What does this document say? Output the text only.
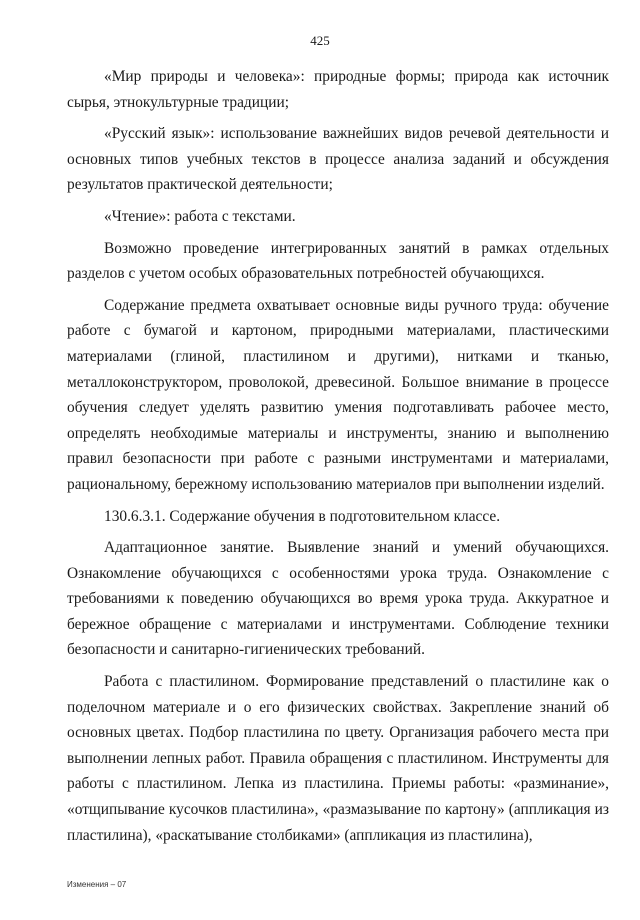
425

«Мир природы и человека»: природные формы; природа как источник сырья, этнокультурные традиции;

«Русский язык»: использование важнейших видов речевой деятельности и основных типов учебных текстов в процессе анализа заданий и обсуждения результатов практической деятельности;

«Чтение»: работа с текстами.

Возможно проведение интегрированных занятий в рамках отдельных разделов с учетом особых образовательных потребностей обучающихся.

Содержание предмета охватывает основные виды ручного труда: обучение работе с бумагой и картоном, природными материалами, пластическими материалами (глиной, пластилином и другими), нитками и тканью, металлоконструктором, проволокой, древесиной. Большое внимание в процессе обучения следует уделять развитию умения подготавливать рабочее место, определять необходимые материалы и инструменты, знанию и выполнению правил безопасности при работе с разными инструментами и материалами, рациональному, бережному использованию материалов при выполнении изделий.

130.6.3.1. Содержание обучения в подготовительном классе.

Адаптационное занятие. Выявление знаний и умений обучающихся. Ознакомление обучающихся с особенностями урока труда. Ознакомление с требованиями к поведению обучающихся во время урока труда. Аккуратное и бережное обращение с материалами и инструментами. Соблюдение техники безопасности и санитарно-гигиенических требований.

Работа с пластилином. Формирование представлений о пластилине как о поделочном материале и о его физических свойствах. Закрепление знаний об основных цветах. Подбор пластилина по цвету. Организация рабочего места при выполнении лепных работ. Правила обращения с пластилином. Инструменты для работы с пластилином. Лепка из пластилина. Приемы работы: «разминание», «отщипывание кусочков пластилина», «размазывание по картону» (аппликация из пластилина), «раскатывание столбиками» (аппликация из пластилина),

Изменения – 07
